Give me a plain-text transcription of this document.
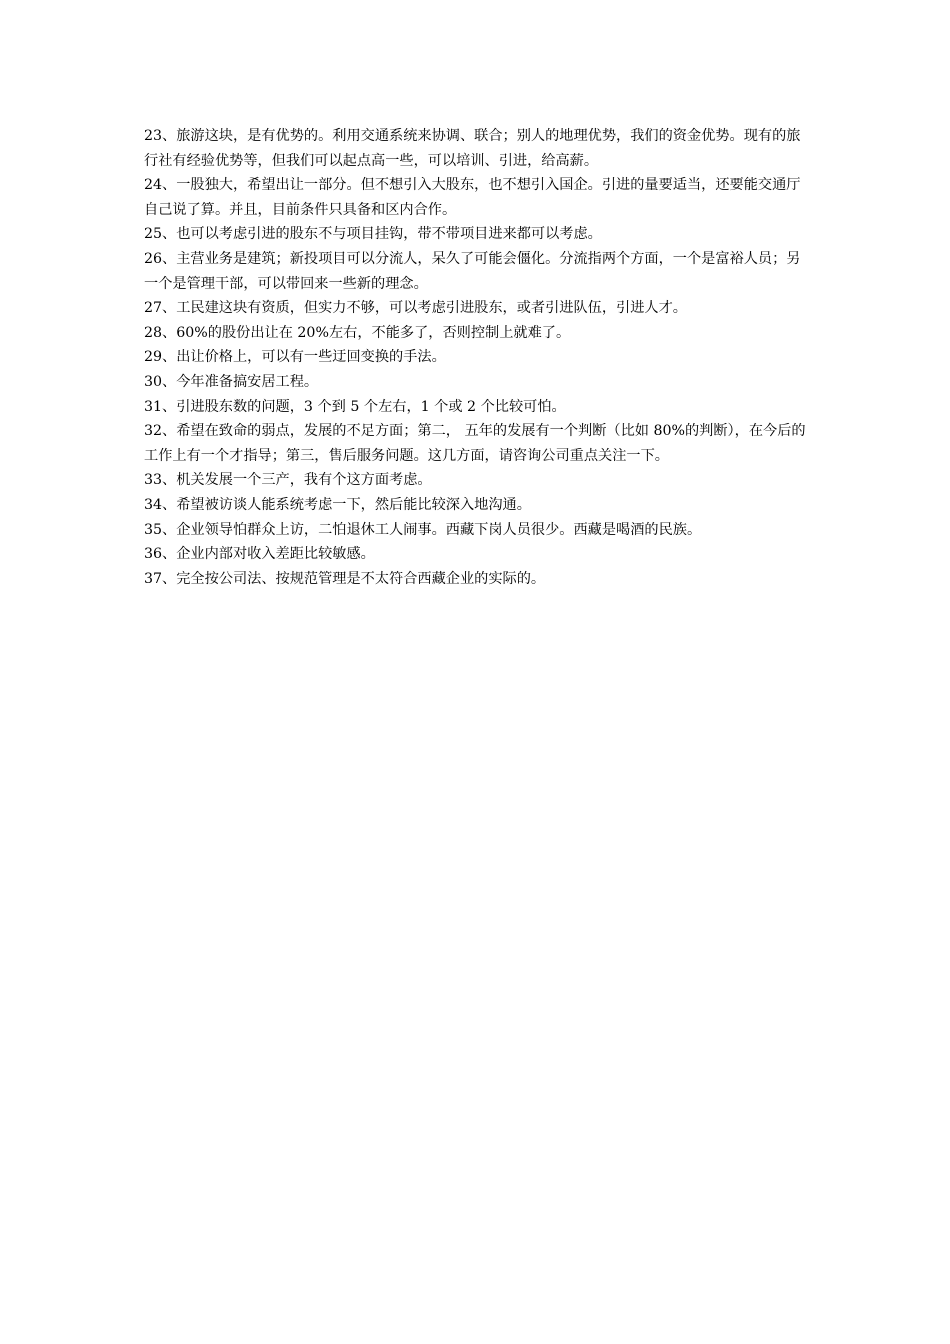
23、旅游这块，是有优势的。利用交通系统来协调、联合；别人的地理优势，我们的资金优势。现有的旅行社有经验优势等，但我们可以起点高一些，可以培训、引进，给高薪。

24、一股独大，希望出让一部分。但不想引入大股东，也不想引入国企。引进的量要适当，还要能交通厅自己说了算。并且，目前条件只具备和区内合作。

25、也可以考虑引进的股东不与项目挂钩，带不带项目进来都可以考虑。

26、主营业务是建筑；新投项目可以分流人，呆久了可能会僵化。分流指两个方面，一个是富裕人员；另一个是管理干部，可以带回来一些新的理念。

27、工民建这块有资质，但实力不够，可以考虑引进股东，或者引进队伍，引进人才。

28、60%的股份出让在 20%左右，不能多了，否则控制上就难了。

29、出让价格上，可以有一些迂回变换的手法。

30、今年准备搞安居工程。

31、引进股东数的问题，3 个到 5 个左右，1 个或 2 个比较可怕。

32、希望在致命的弱点，发展的不足方面；第二， 五年的发展有一个判断（比如 80%的判断），在今后的工作上有一个才指导；第三，售后服务问题。这几方面，请咨询公司重点关注一下。

33、机关发展一个三产，我有个这方面考虑。

34、希望被访谈人能系统考虑一下，然后能比较深入地沟通。

35、企业领导怕群众上访，二怕退休工人闹事。西藏下岗人员很少。西藏是喝酒的民族。

36、企业内部对收入差距比较敏感。

37、完全按公司法、按规范管理是不太符合西藏企业的实际的。
